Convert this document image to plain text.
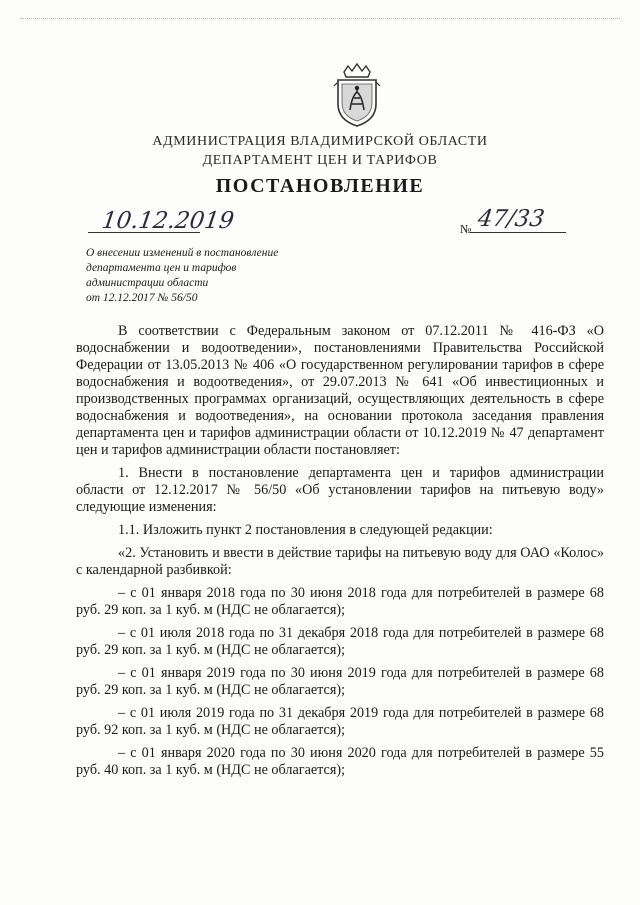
АДМИНИСТРАЦИЯ ВЛАДИМИРСКОЙ ОБЛАСТИ
ДЕПАРТАМЕНТ ЦЕН И ТАРИФОВ
ПОСТАНОВЛЕНИЕ
10.12.2019	№ 47/33
О внесении изменений в постановление
департамента цен и тарифов
администрации области
от 12.12.2017 № 56/50

В соответствии с Федеральным законом от 07.12.2011 № 416-ФЗ «О водоснабжении и водоотведении», постановлениями Правительства Российской Федерации от 13.05.2013 № 406 «О государственном регулировании тарифов в сфере водоснабжения и водоотведения», от 29.07.2013 № 641 «Об инвестиционных и производственных программах организаций, осуществляющих деятельность в сфере водоснабжения и водоотведения», на основании протокола заседания правления департамента цен и тарифов администрации области от 10.12.2019 № 47 департамент цен и тарифов администрации области постановляет:

1. Внести в постановление департамента цен и тарифов администрации области от 12.12.2017 № 56/50 «Об установлении тарифов на питьевую воду» следующие изменения:

1.1. Изложить пункт 2 постановления в следующей редакции:

«2. Установить и ввести в действие тарифы на питьевую воду для ОАО «Колос» с календарной разбивкой:

– с 01 января 2018 года по 30 июня 2018 года для потребителей в размере 68 руб. 29 коп. за 1 куб. м (НДС не облагается);

– с 01 июля 2018 года по 31 декабря 2018 года для потребителей в размере 68 руб. 29 коп. за 1 куб. м (НДС не облагается);

– с 01 января 2019 года по 30 июня 2019 года для потребителей в размере 68 руб. 29 коп. за 1 куб. м (НДС не облагается);

– с 01 июля 2019 года по 31 декабря 2019 года для потребителей в размере 68 руб. 92 коп. за 1 куб. м (НДС не облагается);

– с 01 января 2020 года по 30 июня 2020 года для потребителей в размере 55 руб. 40 коп. за 1 куб. м (НДС не облагается);
